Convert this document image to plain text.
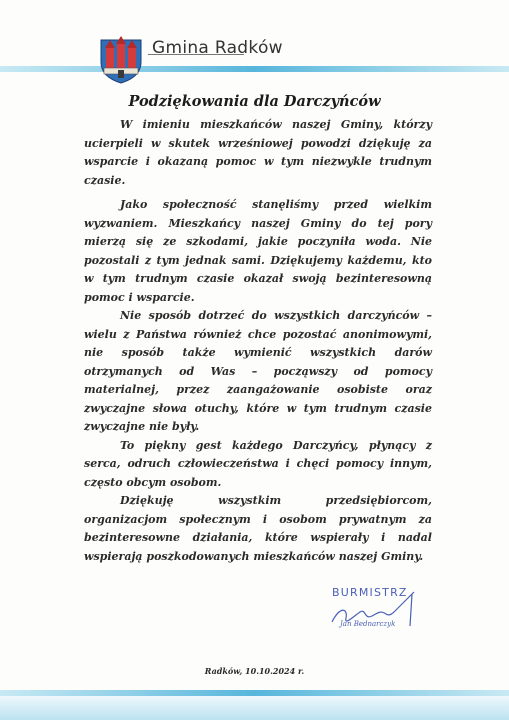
Gmina Radków
Podziękowania dla Darczyńców

W imieniu mieszkańców naszej Gminy, którzy ucierpieli w skutek wrześniowej powodzi dziękuję za wsparcie i okazaną pomoc w tym niezwykle trudnym czasie.

Jako społeczność stanęliśmy przed wielkim wyzwaniem. Mieszkańcy naszej Gminy do tej pory mierzą się ze szkodami, jakie poczyniła woda. Nie pozostali z tym jednak sami. Dziękujemy każdemu, kto w tym trudnym czasie okazał swoją bezinteresowną pomoc i wsparcie.

Nie sposób dotrzeć do wszystkich darczyńców – wielu z Państwa również chce pozostać anonimowymi, nie sposób także wymienić wszystkich darów otrzymanych od Was – począwszy od pomocy materialnej, przez zaangażowanie osobiste oraz zwyczajne słowa otuchy, które w tym trudnym czasie zwyczajne nie były.

To piękny gest każdego Darczyńcy, płynący z serca, odruch człowieczeństwa i chęci pomocy innym, często obcym osobom.

Dziękuję wszystkim przedsiębiorcom, organizacjom społecznym i osobom prywatnym za bezinteresowne działania, które wspierały i nadal wspierają poszkodowanych mieszkańców naszej Gminy.

BURMISTRZ
Jan Bednarczyk
Radków, 10.10.2024 r.
